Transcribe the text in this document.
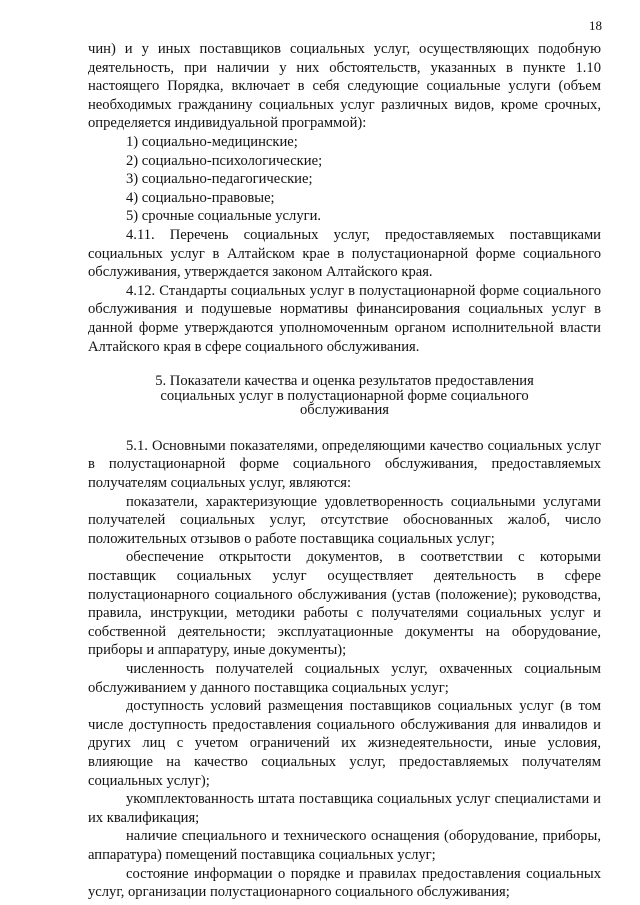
18

чин) и у иных поставщиков социальных услуг, осуществляющих подобную деятельность, при наличии у них обстоятельств, указанных в пункте 1.10 настоящего Порядка, включает в себя следующие социальные услуги (объем необходимых гражданину социальных услуг различных видов, кроме срочных, определяется индивидуальной программой):

1) социально-медицинские;

2) социально-психологические;

3) социально-педагогические;

4) социально-правовые;

5) срочные социальные услуги.

4.11. Перечень социальных услуг, предоставляемых поставщиками социальных услуг в Алтайском крае в полустационарной форме социального обслуживания, утверждается законом Алтайского края.

4.12. Стандарты социальных услуг в полустационарной форме социального обслуживания и подушевые нормативы финансирования социальных услуг в данной форме утверждаются уполномоченным органом исполнительной власти Алтайского края в сфере социального обслуживания.

5. Показатели качества и оценка результатов предоставления социальных услуг в полустационарной форме социального обслуживания

5.1. Основными показателями, определяющими качество социальных услуг в полустационарной форме социального обслуживания, предоставляемых получателям социальных услуг, являются:

показатели, характеризующие удовлетворенность социальными услугами получателей социальных услуг, отсутствие обоснованных жалоб, число положительных отзывов о работе поставщика социальных услуг;

обеспечение открытости документов, в соответствии с которыми поставщик социальных услуг осуществляет деятельность в сфере полустационарного социального обслуживания (устав (положение); руководства, правила, инструкции, методики работы с получателями социальных услуг и собственной деятельности; эксплуатационные документы на оборудование, приборы и аппаратуру, иные документы);

численность получателей социальных услуг, охваченных социальным обслуживанием у данного поставщика социальных услуг;

доступность условий размещения поставщиков социальных услуг (в том числе доступность предоставления социального обслуживания для инвалидов и других лиц с учетом ограничений их жизнедеятельности, иные условия, влияющие на качество социальных услуг, предоставляемых получателям социальных услуг);

укомплектованность штата поставщика социальных услуг специалистами и их квалификация;

наличие специального и технического оснащения (оборудование, приборы, аппаратура) помещений поставщика социальных услуг;

состояние информации о порядке и правилах предоставления социальных услуг, организации полустационарного социального обслуживания;
